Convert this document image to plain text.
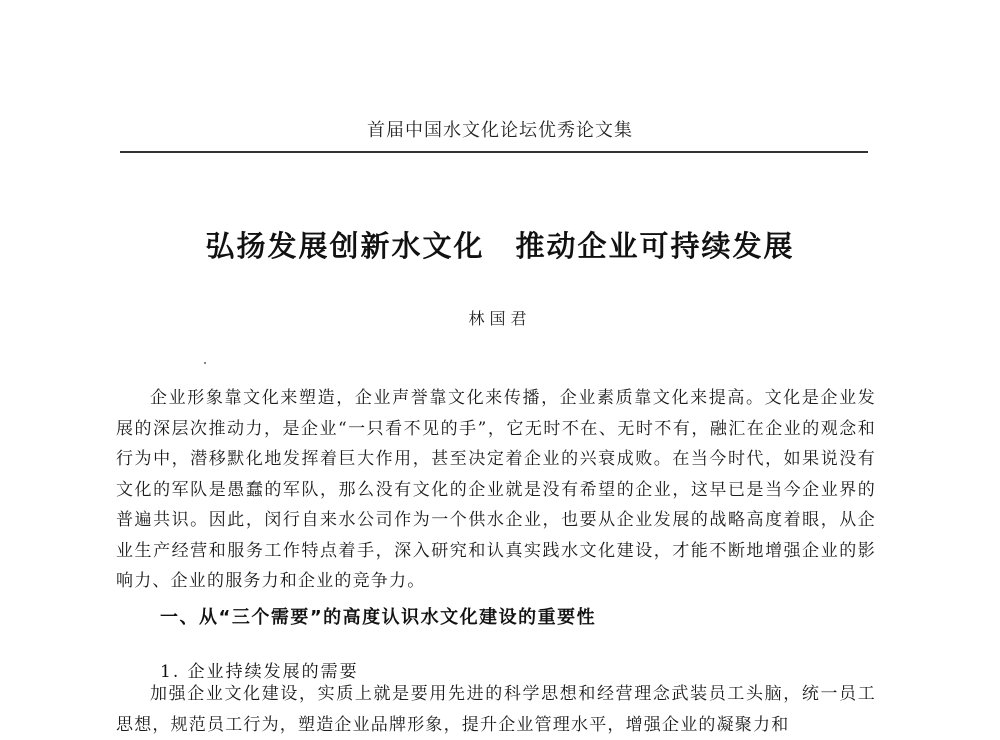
首届中国水文化论坛优秀论文集
弘扬发展创新水文化　推动企业可持续发展
林国君

企业形象靠文化来塑造，企业声誉靠文化来传播，企业素质靠文化来提高。文化是企业发展的深层次推动力，是企业“一只看不见的手”，它无时不在、无时不有，融汇在企业的观念和行为中，潜移默化地发挥着巨大作用，甚至决定着企业的兴衰成败。在当今时代，如果说没有文化的军队是愚蠢的军队，那么没有文化的企业就是没有希望的企业，这早已是当今企业界的普遍共识。因此，闵行自来水公司作为一个供水企业，也要从企业发展的战略高度着眼，从企业生产经营和服务工作特点着手，深入研究和认真实践水文化建设，才能不断地增强企业的影响力、企业的服务力和企业的竞争力。

一、从“三个需要”的高度认识水文化建设的重要性
1. 企业持续发展的需要

加强企业文化建设，实质上就是要用先进的科学思想和经营理念武装员工头脑，统一员工思想，规范员工行为，塑造企业品牌形象，提升企业管理水平，增强企业的凝聚力和
